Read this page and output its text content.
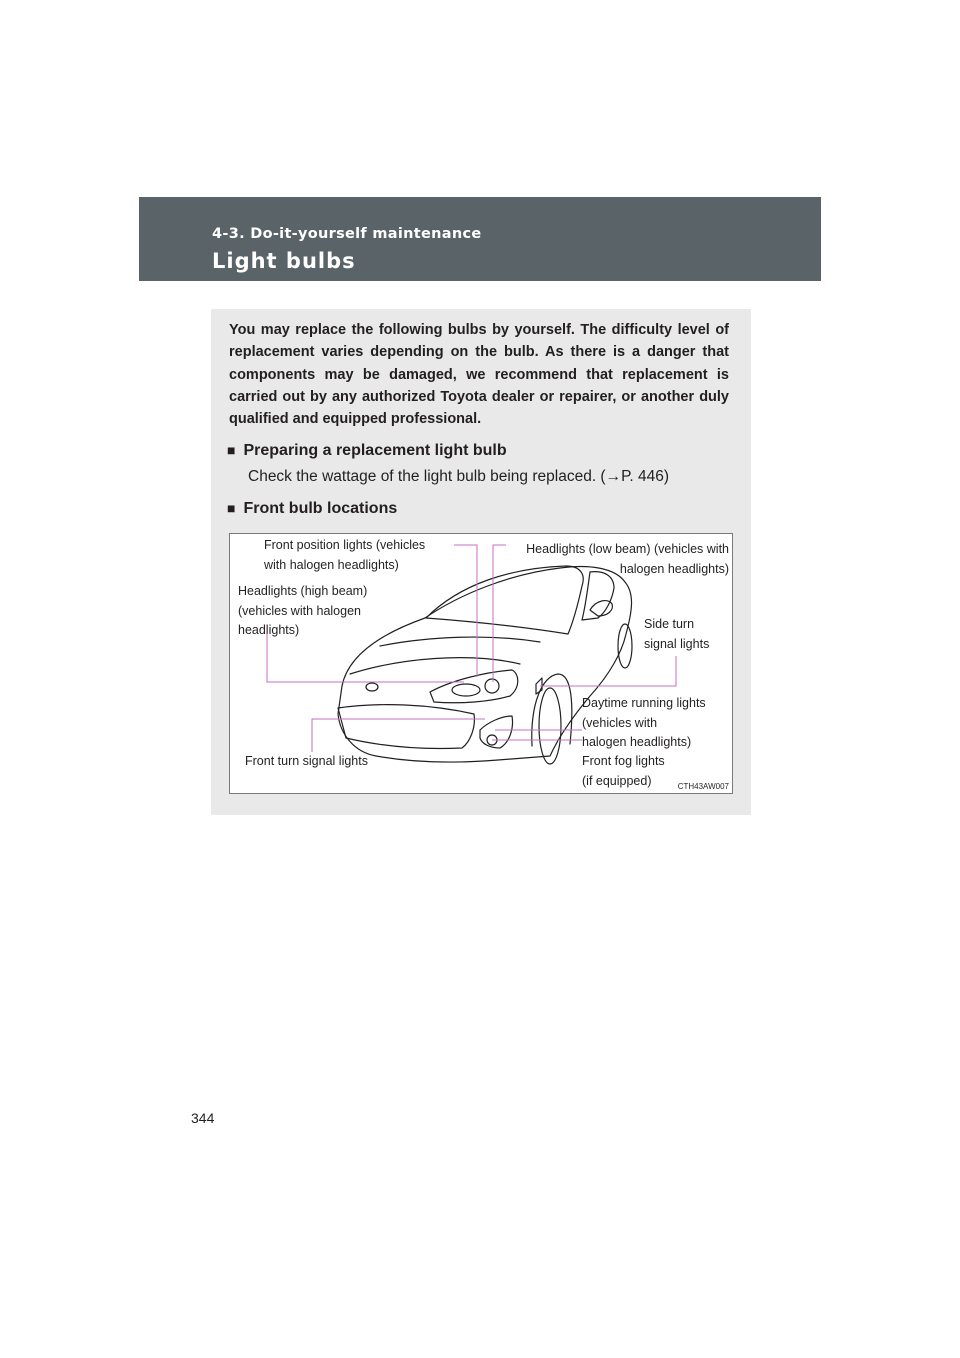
4-3. Do-it-yourself maintenance
Light bulbs

You may replace the following bulbs by yourself. The difficulty level of replacement varies depending on the bulb. As there is a danger that components may be damaged, we recommend that replacement is carried out by any authorized Toyota dealer or repairer, or another duly qualified and equipped professional.

■ Preparing a replacement light bulb

Check the wattage of the light bulb being replaced. (→P. 446)

■ Front bulb locations
Front position lights (vehicles
with halogen headlights)
Headlights (low beam) (vehicles with
halogen headlights)
Headlights (high beam)
(vehicles with halogen
headlights)	Side turn
signal lights
Daytime running lights
(vehicles with
halogen headlights)
Front fog lights
(if equipped)
Front turn signal lights
CTH43AW007

344
